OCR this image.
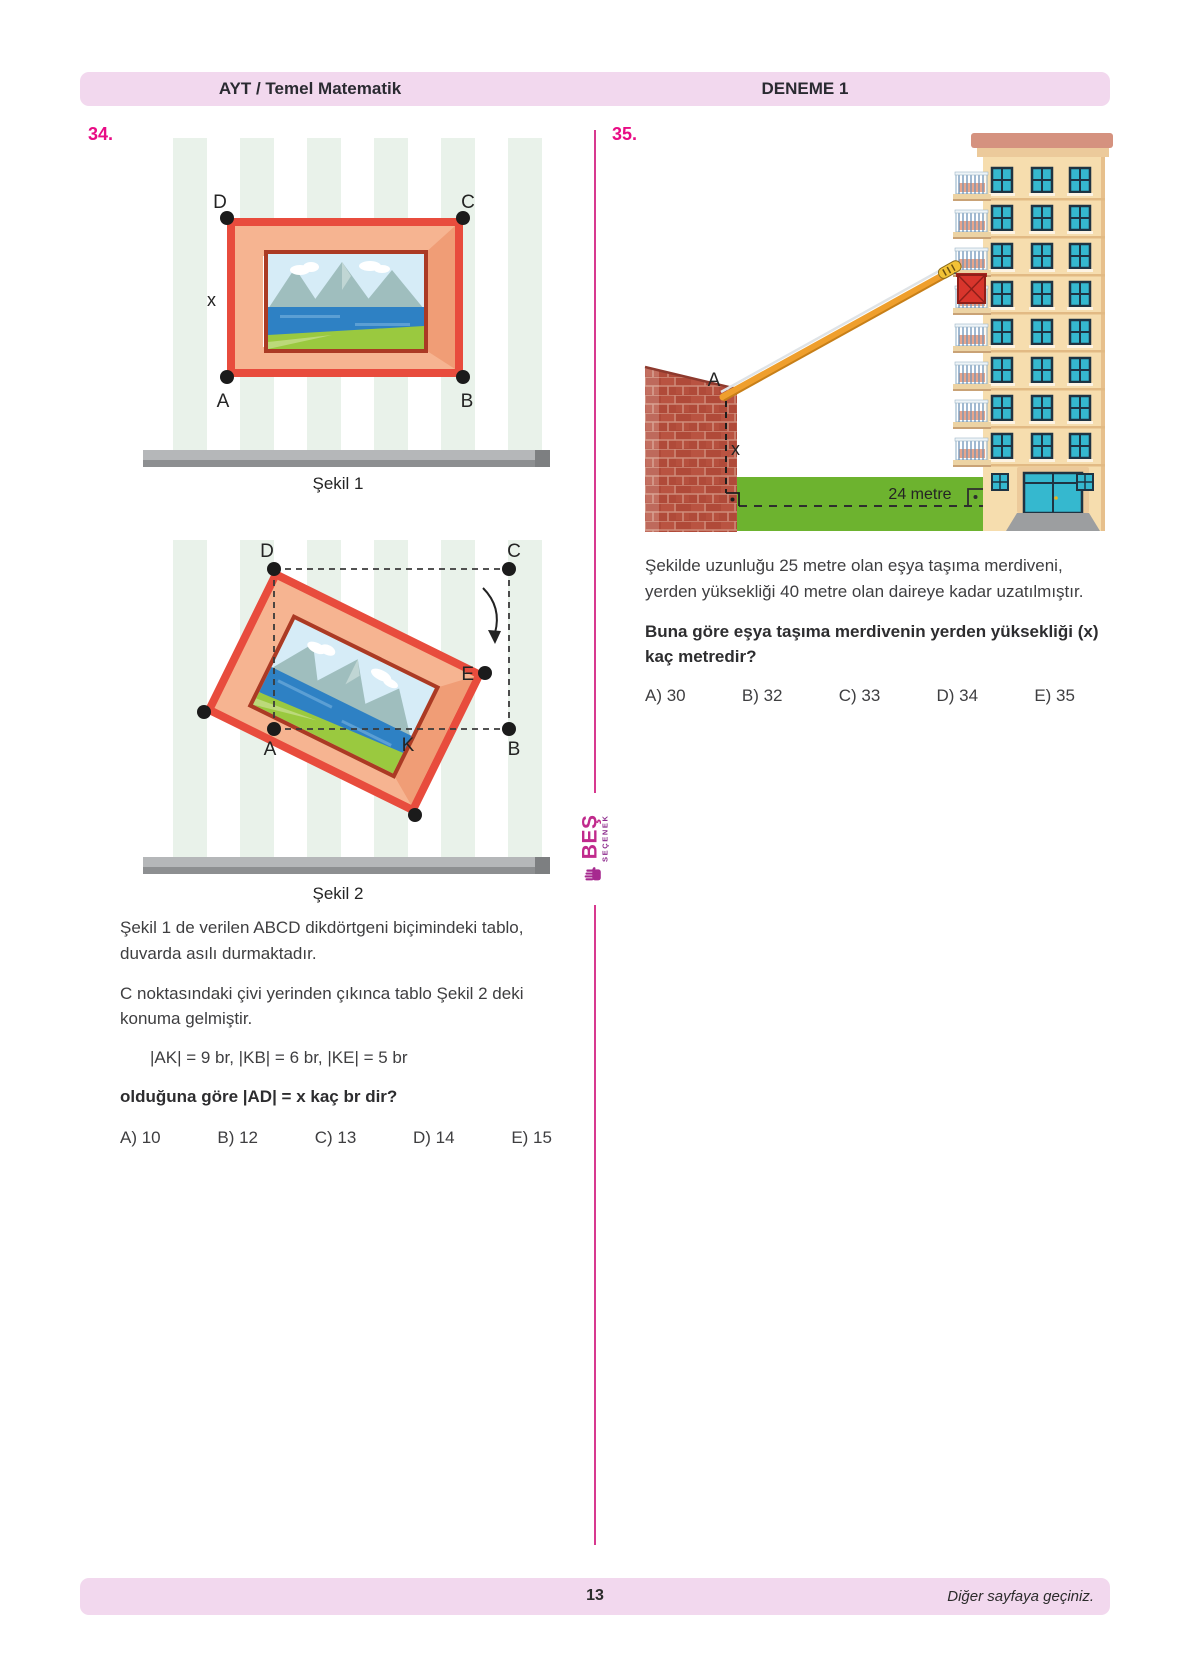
AYT / Temel Matematik	DENEME 1
34.
D	C
A	B
x
Şekil 1
D	C
B
A
E
K
Şekil 2

Şekil 1 de verilen ABCD dikdörtgeni biçimindeki tablo, duvarda asılı durmaktadır.

C noktasındaki çivi yerinden çıkınca tablo Şekil 2 deki konuma gelmiştir.

|AK| = 9 br, |KB| = 6 br, |KE| = 5 br

olduğuna göre |AD| = x kaç br dir?

A) 10	B) 12	C) 13	D) 14	E) 15
35.
24 metre
x
A

Şekilde uzunluğu 25 metre olan eşya taşıma merdiveni, yerden yüksekliği 40 metre olan daireye kadar uzatılmıştır.

Buna göre eşya taşıma merdivenin yerden yüksekliği (x) kaç metredir?

A) 30	B) 32	C) 33	D) 34	E) 35
BEŞ SEÇENEK
13	Diğer sayfaya geçiniz.
